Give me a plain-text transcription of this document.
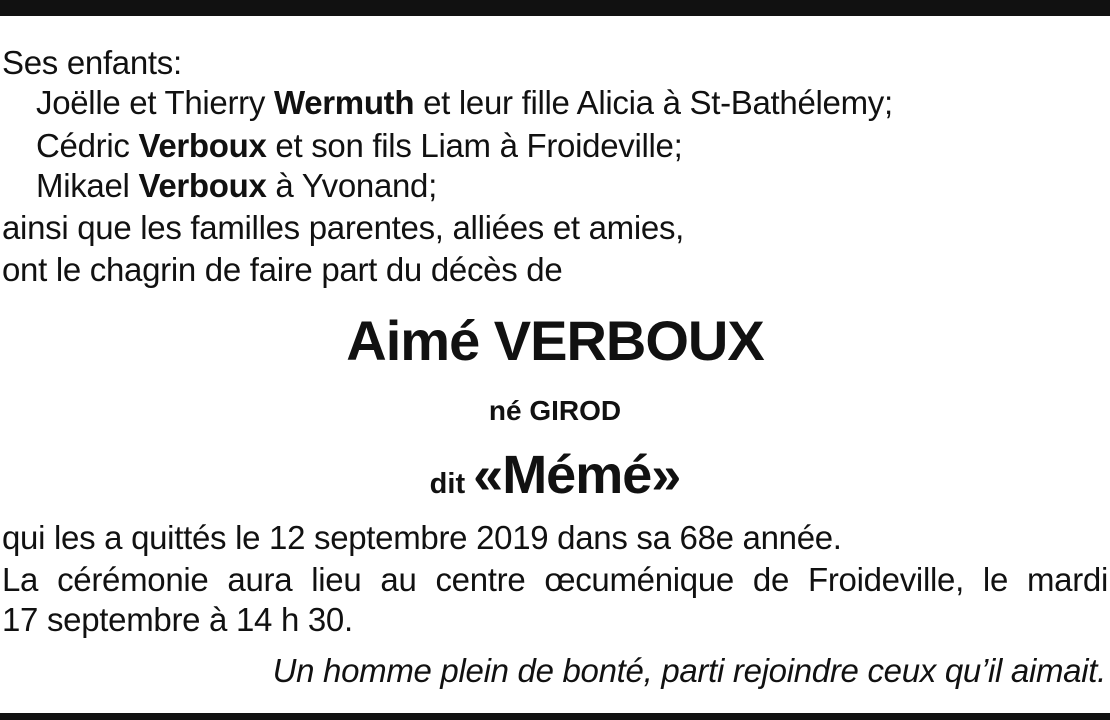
Ses enfants:
Joëlle et Thierry Wermuth et leur fille Alicia à St-Bathélemy;
Cédric Verboux et son fils Liam à Froideville;
Mikael Verboux à Yvonand;
ainsi que les familles parentes, alliées et amies,
ont le chagrin de faire part du décès de
Aimé VERBOUX
né GIROD
dit «Mémé»
qui les a quittés le 12 septembre 2019 dans sa 68e année.
La cérémonie aura lieu au centre œcuménique de Froideville, le mardi
17 septembre à 14 h 30.
Un homme plein de bonté, parti rejoindre ceux qu’il aimait.
